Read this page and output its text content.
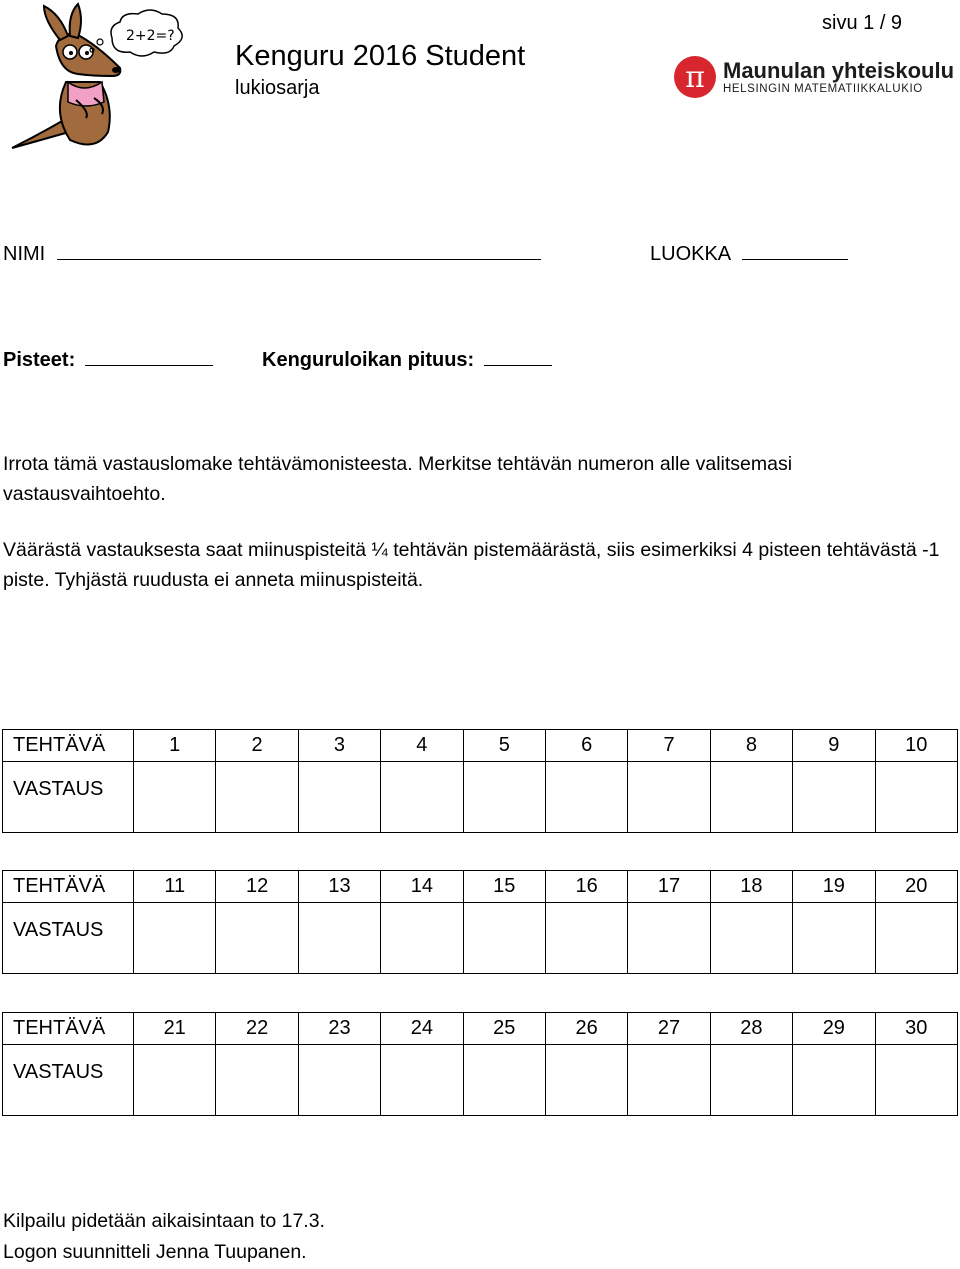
2+2=?
sivu 1 / 9
Kenguru 2016 Student
lukiosarja	π Maunulan yhteiskoulu
HELSINGIN MATEMATIIKKALUKIO
NIMI	LUOKKA
Pisteet:	Kenguruloikan pituus:
Irrota tämä vastauslomake tehtävämonisteesta. Merkitse tehtävän numeron alle valitsemasi vastausvaihtoehto.
Väärästä vastauksesta saat miinuspisteitä ¼ tehtävän pistemäärästä, siis esimerkiksi 4 pisteen tehtävästä -1 piste. Tyhjästä ruudusta ei anneta miinuspisteitä.
TEHTÄVÄ	1	2	3	4	5	6	7	8	9	10
VASTAUS										
TEHTÄVÄ	11	12	13	14	15	16	17	18	19	20
VASTAUS										
TEHTÄVÄ	21	22	23	24	25	26	27	28	29	30
VASTAUS										
Kilpailu pidetään aikaisintaan to 17.3.
Logon suunnitteli Jenna Tuupanen.
